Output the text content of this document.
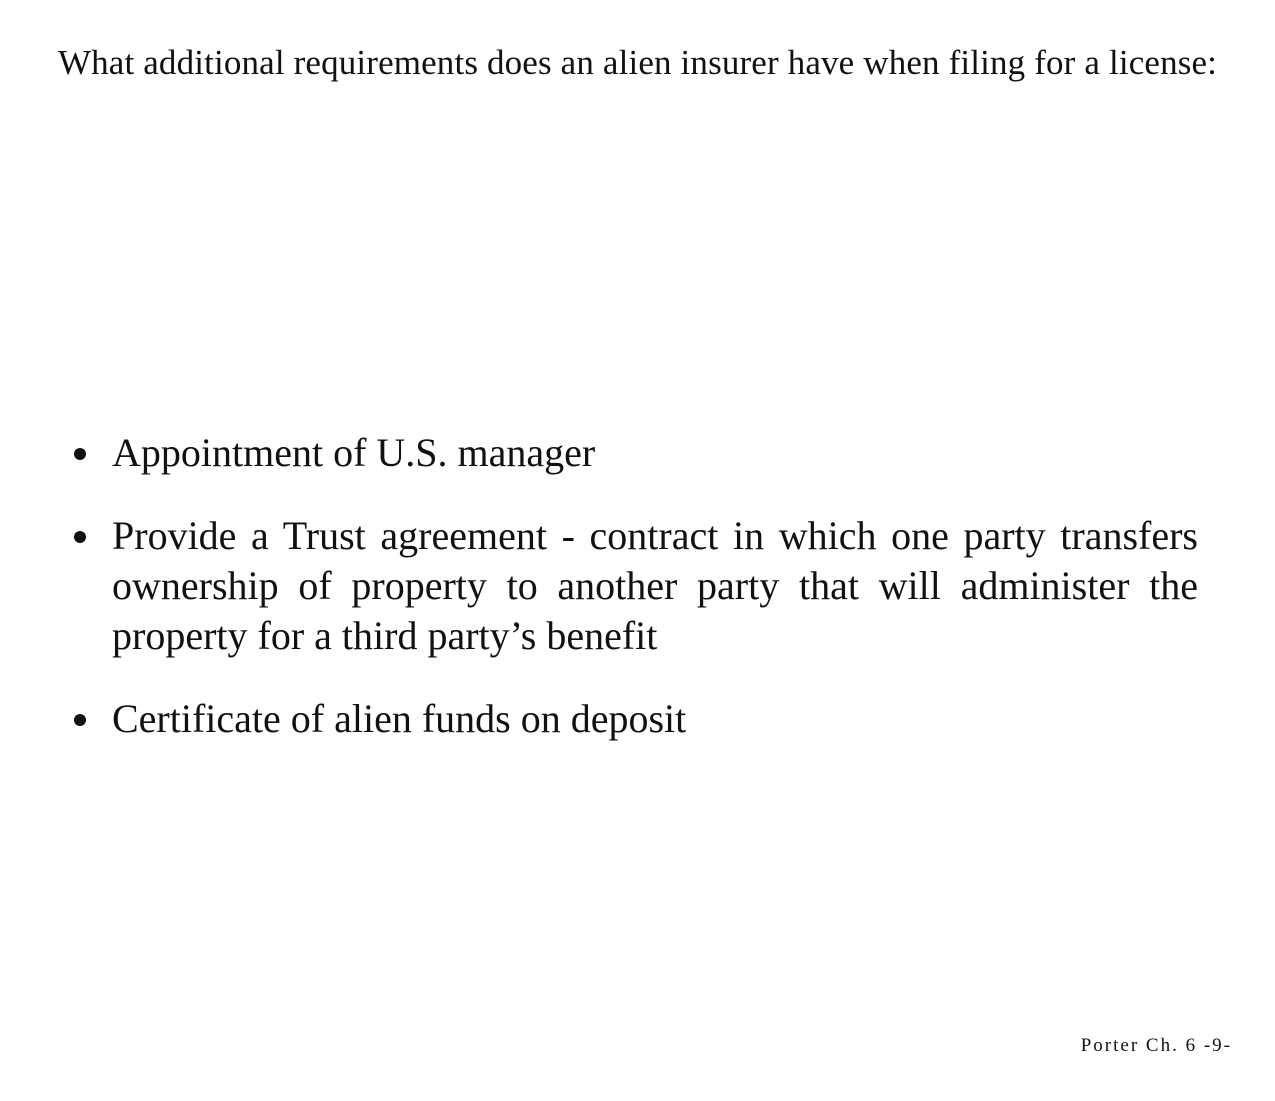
What additional requirements does an alien insurer have when filing for a license:
Appointment of U.S. manager
Provide a Trust agreement - contract in which one party transfers ownership of property to another party that will administer the property for a third party’s benefit
Certificate of alien funds on deposit
Porter Ch. 6 -9-
